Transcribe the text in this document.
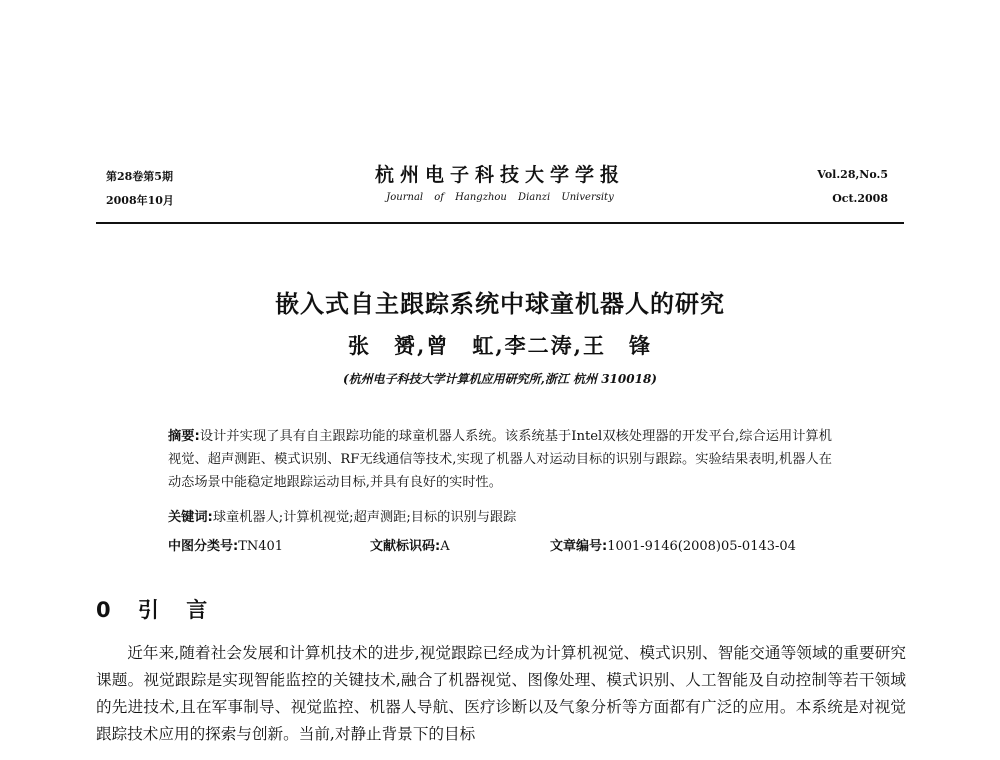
第28卷第5期
2008年10月
杭州电子科技大学学报
Journal of Hangzhou Dianzi University
Vol.28,No.5
Oct.2008
嵌入式自主跟踪系统中球童机器人的研究
张　赟,曾　虹,李二涛,王　锋
(杭州电子科技大学计算机应用研究所,浙江 杭州 310018)
摘要:设计并实现了具有自主跟踪功能的球童机器人系统。该系统基于Intel双核处理器的开发平台,综合运用计算机视觉、超声测距、模式识别、RF无线通信等技术,实现了机器人对运动目标的识别与跟踪。实验结果表明,机器人在动态场景中能稳定地跟踪运动目标,并具有良好的实时性。
关键词:球童机器人;计算机视觉;超声测距;目标的识别与跟踪
中图分类号:TN401	文献标识码:A	文章编号:1001-9146(2008)05-0143-04
0 引 言
近年来,随着社会发展和计算机技术的进步,视觉跟踪已经成为计算机视觉、模式识别、智能交通等领域的重要研究课题。视觉跟踪是实现智能监控的关键技术,融合了机器视觉、图像处理、模式识别、人工智能及自动控制等若干领域的先进技术,且在军事制导、视觉监控、机器人导航、医疗诊断以及气象分析等方面都有广泛的应用。本系统是对视觉跟踪技术应用的探索与创新。当前,对静止背景下的目标
